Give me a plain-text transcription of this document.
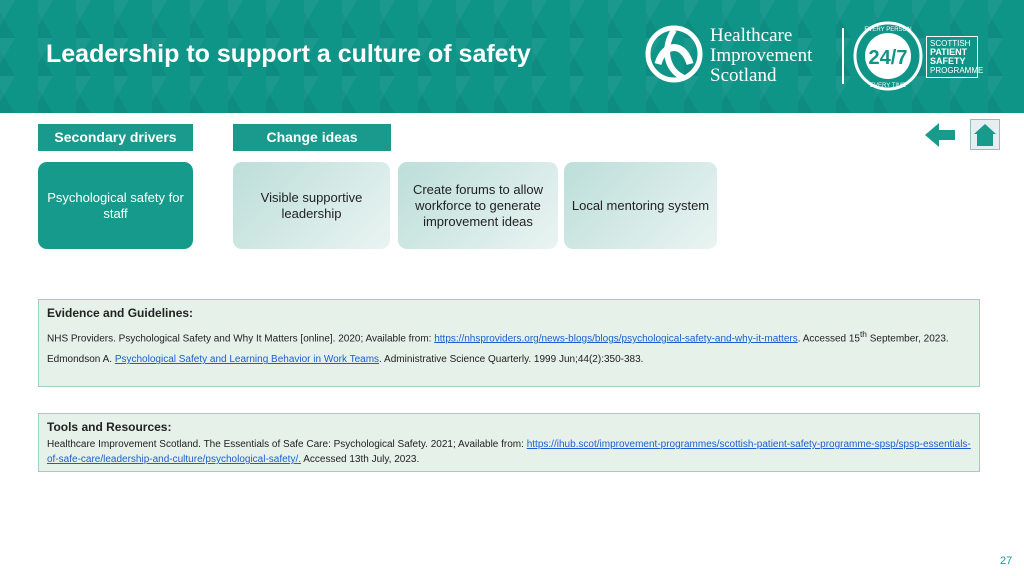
Leadership to support a culture of safety
Healthcare
Improvement
Scotland
24/7
EVERY PERSON
EVERY TIME
SCOTTISH
PATIENT
SAFETY
PROGRAMME
Secondary drivers	Change ideas
Psychological safety for staff
Visible supportive leadership
Create forums to allow workforce to generate improvement ideas
Local mentoring system
Evidence and Guidelines:

NHS Providers. Psychological Safety and Why It Matters [online]. 2020; Available from: https://nhsproviders.org/news-blogs/blogs/psychological-safety-and-why-it-matters. Accessed 15th September, 2023.

Edmondson A. Psychological Safety and Learning Behavior in Work Teams. Administrative Science Quarterly. 1999 Jun;44(2):350-383.

Tools and Resources:

Healthcare Improvement Scotland. The Essentials of Safe Care: Psychological Safety. 2021; Available from: https://ihub.scot/improvement-programmes/scottish-patient-safety-programme-spsp/spsp-essentials-of-safe-care/leadership-and-culture/psychological-safety/. Accessed 13th July, 2023.

27
